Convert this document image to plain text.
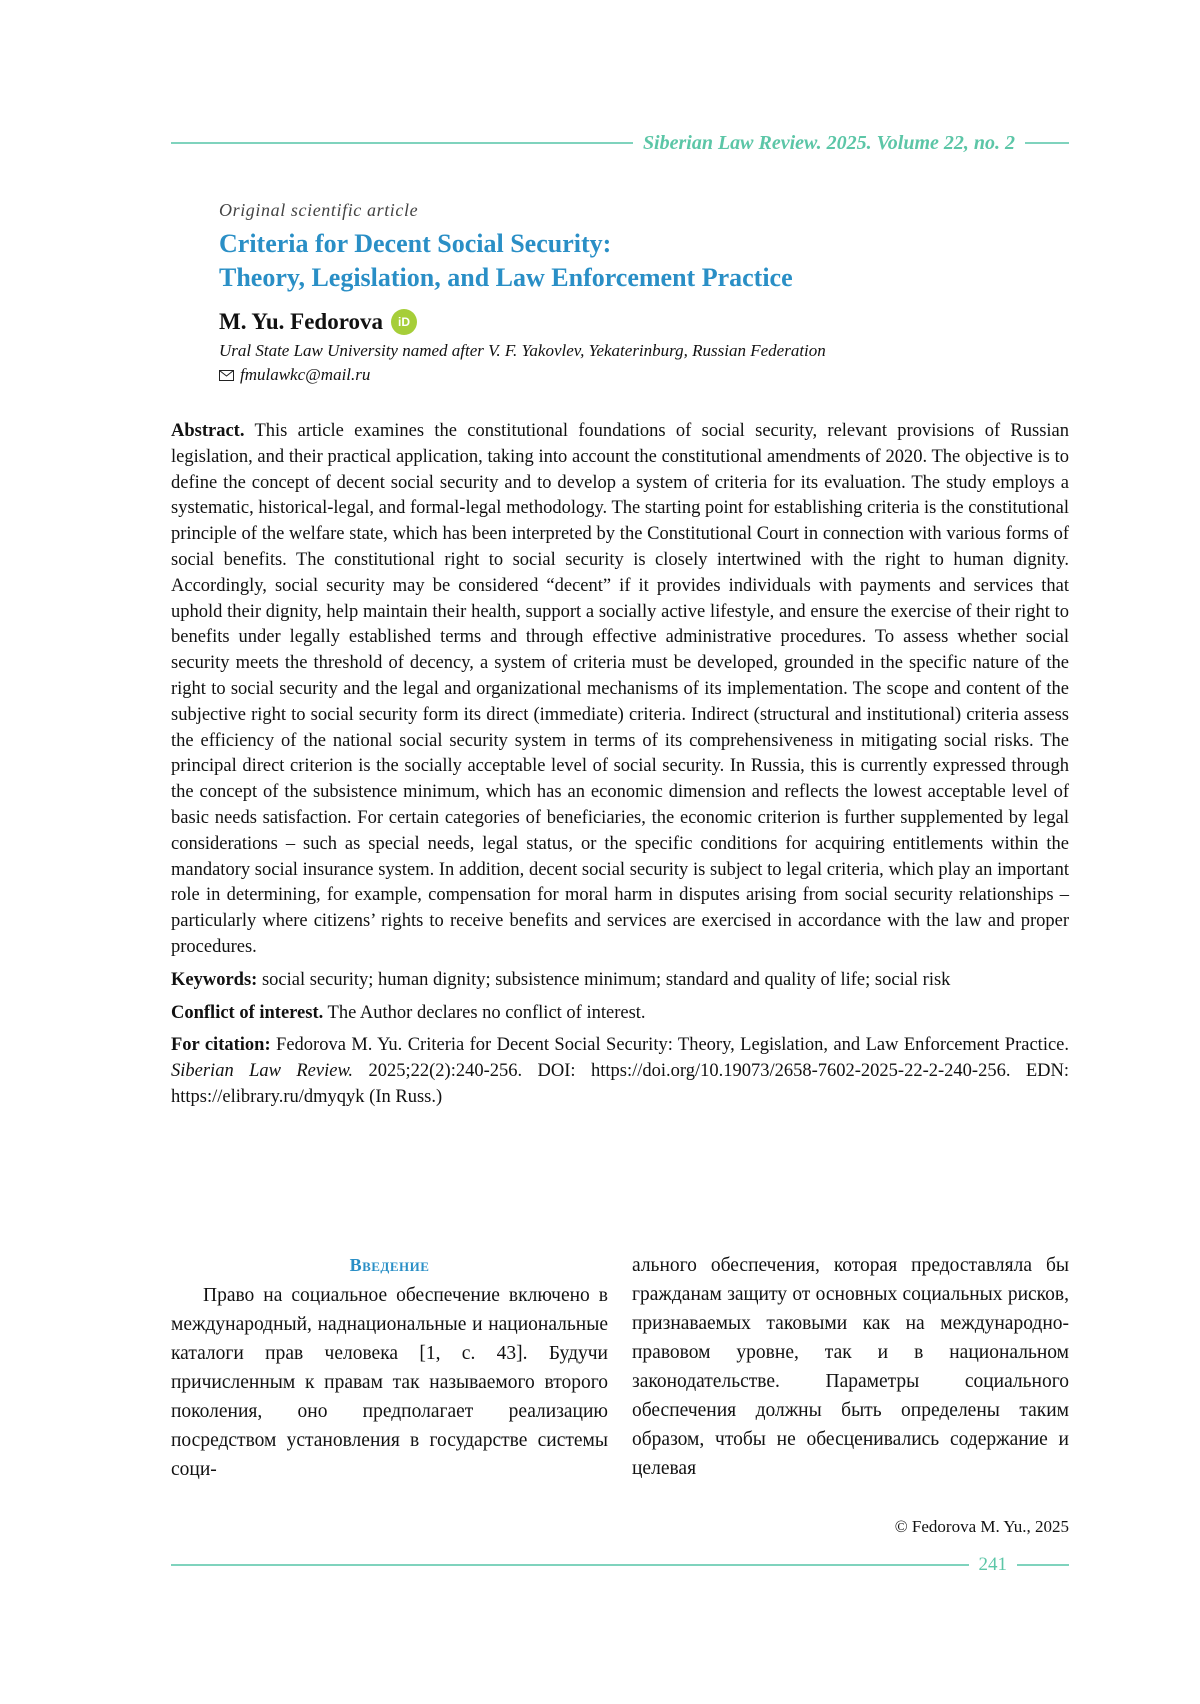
Siberian Law Review. 2025. Volume 22, no. 2
Original scientific article
Criteria for Decent Social Security:
Theory, Legislation, and Law Enforcement Practice
M. Yu. Fedorova	iD
Ural State Law University named after V. F. Yakovlev, Yekaterinburg, Russian Federation
fmulawkc@mail.ru

Abstract. This article examines the constitutional foundations of social security, relevant provisions of Russian legislation, and their practical application, taking into account the constitutional amendments of 2020. The objective is to define the concept of decent social security and to develop a system of criteria for its evaluation. The study employs a systematic, historical-legal, and formal-legal methodology. The starting point for establishing criteria is the constitutional principle of the welfare state, which has been interpreted by the Constitutional Court in connection with various forms of social benefits. The constitutional right to social security is closely intertwined with the right to human dignity. Accordingly, social security may be considered “decent” if it provides individuals with payments and services that uphold their dignity, help maintain their health, support a socially active lifestyle, and ensure the exercise of their right to benefits under legally established terms and through effective administrative procedures. To assess whether social security meets the threshold of decency, a system of criteria must be developed, grounded in the specific nature of the right to social security and the legal and organizational mechanisms of its implementation. The scope and content of the subjective right to social security form its direct (immediate) criteria. Indirect (structural and institutional) criteria assess the efficiency of the national social security system in terms of its comprehensiveness in mitigating social risks. The principal direct criterion is the socially acceptable level of social security. In Russia, this is currently expressed through the concept of the subsistence minimum, which has an economic dimension and reflects the lowest acceptable level of basic needs satisfaction. For certain categories of beneficiaries, the economic criterion is further supplemented by legal considerations – such as special needs, legal status, or the specific conditions for acquiring entitlements within the mandatory social insurance system. In addition, decent social security is subject to legal criteria, which play an important role in determining, for example, compensation for moral harm in disputes arising from social security relationships – particularly where citizens’ rights to receive benefits and services are exercised in accordance with the law and proper procedures.

Keywords: social security; human dignity; subsistence minimum; standard and quality of life; social risk

Conflict of interest. The Author declares no conflict of interest.

For citation: Fedorova M. Yu. Criteria for Decent Social Security: Theory, Legislation, and Law Enforcement Practice. Siberian Law Review. 2025;22(2):240-256. DOI: https://doi.org/10.19073/2658-7602-2025-22-2-240-256. EDN: https://elibrary.ru/dmyqyk (In Russ.)

Введение

Право на социальное обеспечение включено в международный, наднациональные и национальные каталоги прав человека [1, с. 43]. Будучи причисленным к правам так называемого второго поколения, оно предполагает реализацию посредством установления в государстве системы соци-

ального обеспечения, которая предоставляла бы гражданам защиту от основных социальных рисков, признаваемых таковыми как на международно-правовом уровне, так и в национальном законодательстве. Параметры социального обеспечения должны быть определены таким образом, чтобы не обесценивались содержание и целевая

© Fedorova M. Yu., 2025
241
